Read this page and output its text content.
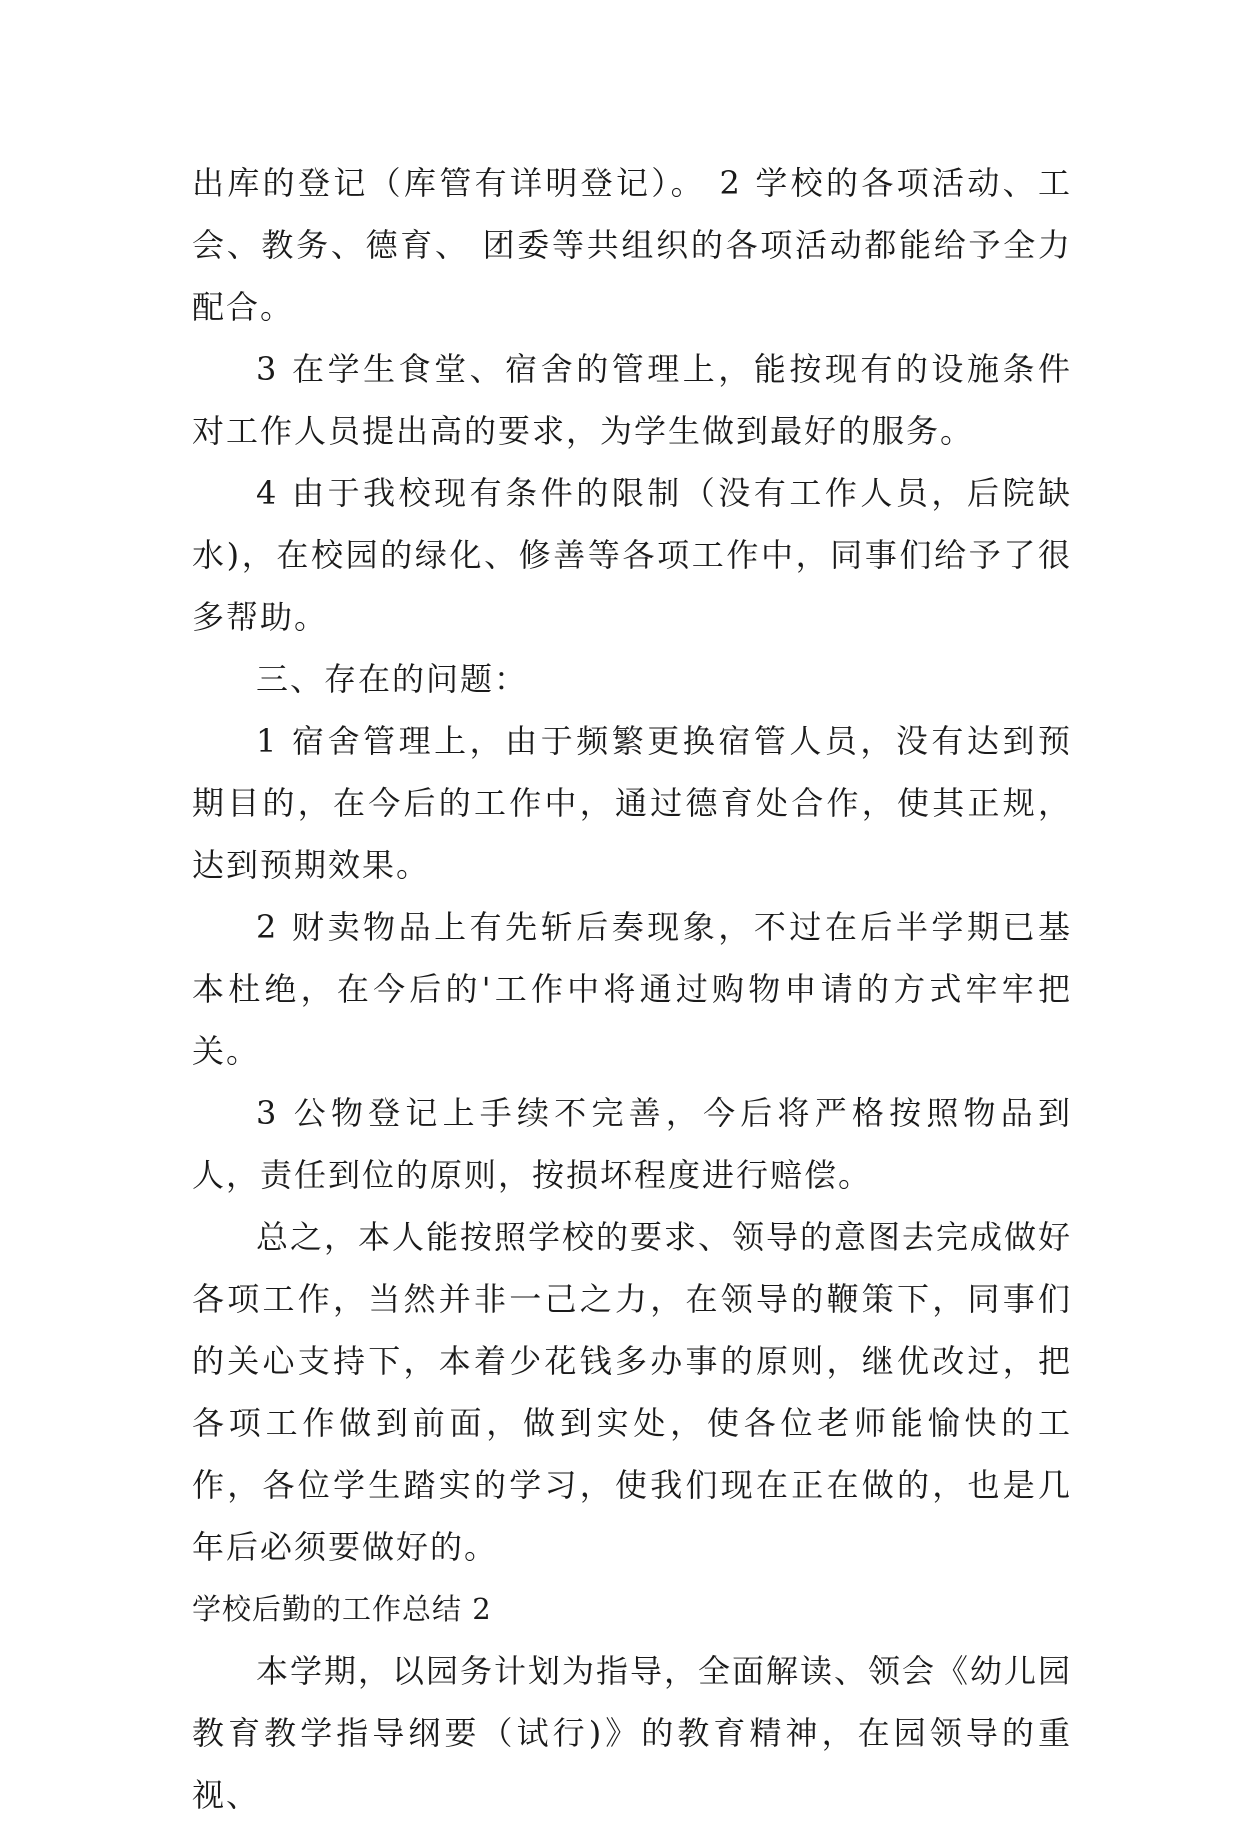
出库的登记（库管有详明登记）。 2 学校的各项活动、工会、教务、德育、 团委等共组织的各项活动都能给予全力配合。

3 在学生食堂、宿舍的管理上，能按现有的设施条件对工作人员提出高的要求，为学生做到最好的服务。

4 由于我校现有条件的限制（没有工作人员，后院缺水)，在校园的绿化、修善等各项工作中，同事们给予了很多帮助。

三、存在的问题：

1 宿舍管理上，由于频繁更换宿管人员，没有达到预期目的，在今后的工作中，通过德育处合作，使其正规，达到预期效果。

2 财卖物品上有先斩后奏现象，不过在后半学期已基本杜绝，在今后的'工作中将通过购物申请的方式牢牢把关。

3 公物登记上手续不完善，今后将严格按照物品到人，责任到位的原则，按损坏程度进行赔偿。

总之，本人能按照学校的要求、领导的意图去完成做好各项工作，当然并非一己之力，在领导的鞭策下，同事们的关心支持下，本着少花钱多办事的原则，继优改过，把各项工作做到前面，做到实处，使各位老师能愉快的工作，各位学生踏实的学习，使我们现在正在做的，也是几年后必须要做好的。

学校后勤的工作总结 2

本学期，以园务计划为指导，全面解读、领会《幼儿园教育教学指导纲要（试行)》的教育精神，在园领导的重视、
